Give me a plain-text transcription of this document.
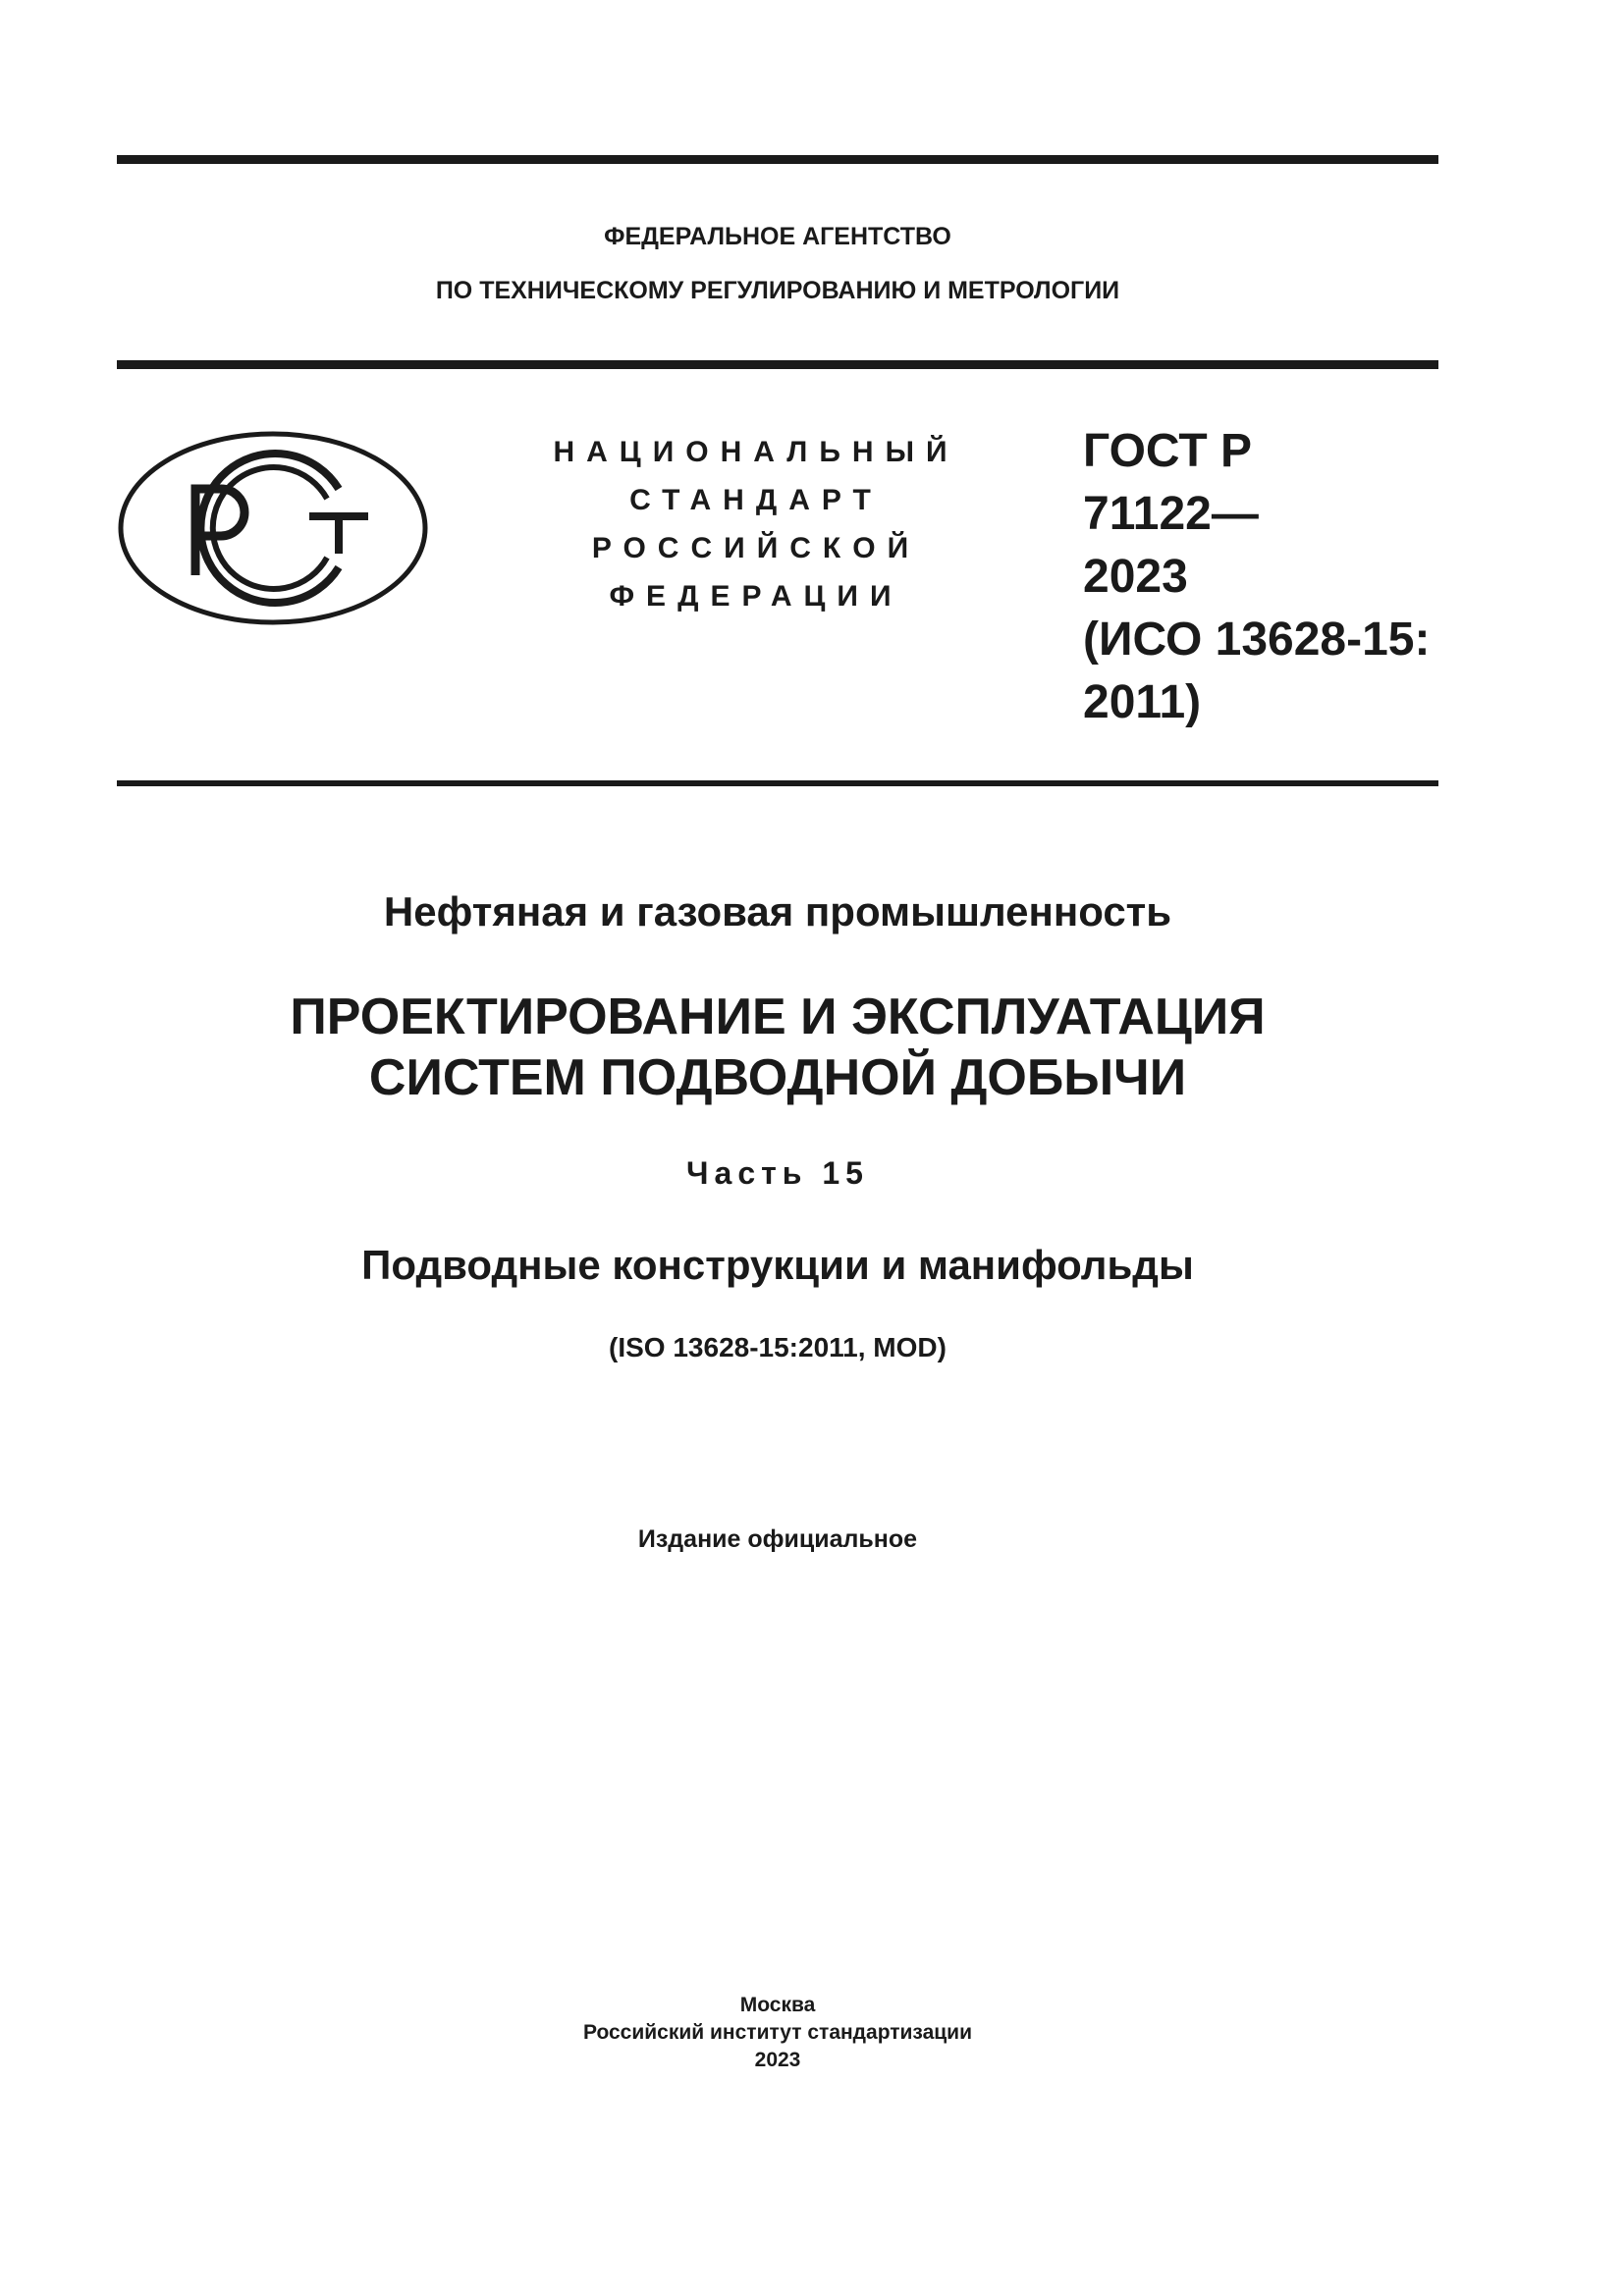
ФЕДЕРАЛЬНОЕ АГЕНТСТВО
ПО ТЕХНИЧЕСКОМУ РЕГУЛИРОВАНИЮ И МЕТРОЛОГИИ
НАЦИОНАЛЬНЫЙ
СТАНДАРТ
РОССИЙСКОЙ
ФЕДЕРАЦИИ
ГОСТ Р
71122—
2023
(ИСО 13628-15:
2011)
Нефтяная и газовая промышленность
ПРОЕКТИРОВАНИЕ И ЭКСПЛУАТАЦИЯ
СИСТЕМ ПОДВОДНОЙ ДОБЫЧИ
Часть 15
Подводные конструкции и манифольды
(ISO 13628-15:2011, MOD)
Издание официальное
Москва
Российский институт стандартизации
2023
